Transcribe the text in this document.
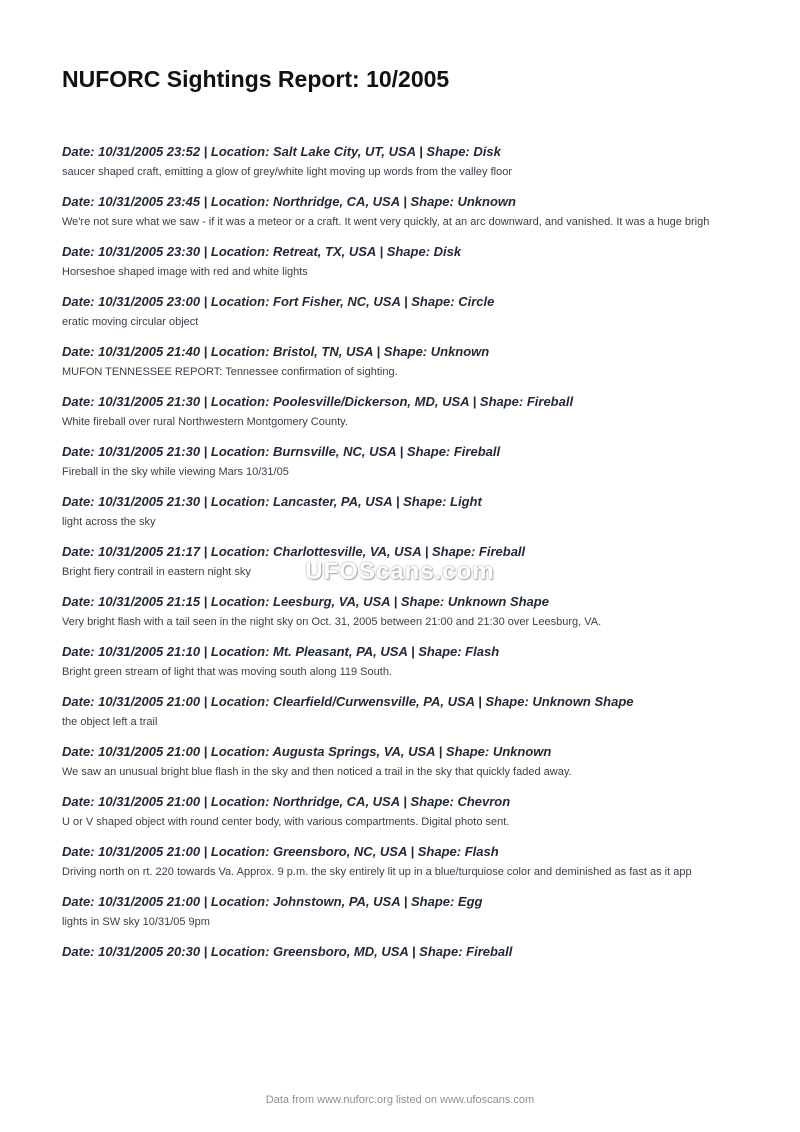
NUFORC Sightings Report: 10/2005
Date: 10/31/2005 23:52 | Location: Salt Lake City, UT, USA | Shape: Disk
saucer shaped craft, emitting a glow of grey/white light moving up words from the valley floor
Date: 10/31/2005 23:45 | Location: Northridge, CA, USA | Shape: Unknown
We're not sure what we saw - if it was a meteor or a craft. It went very quickly, at an arc downward, and vanished. It was a huge brigh
Date: 10/31/2005 23:30 | Location: Retreat, TX, USA | Shape: Disk
Horseshoe shaped image with red and white lights
Date: 10/31/2005 23:00 | Location: Fort Fisher, NC, USA | Shape: Circle
eratic moving circular object
Date: 10/31/2005 21:40 | Location: Bristol, TN, USA | Shape: Unknown
MUFON TENNESSEE REPORT: Tennessee confirmation of sighting.
Date: 10/31/2005 21:30 | Location: Poolesville/Dickerson, MD, USA | Shape: Fireball
White fireball over rural Northwestern Montgomery County.
Date: 10/31/2005 21:30 | Location: Burnsville, NC, USA | Shape: Fireball
Fireball in the sky while viewing Mars 10/31/05
Date: 10/31/2005 21:30 | Location: Lancaster, PA, USA | Shape: Light
light across the sky
Date: 10/31/2005 21:17 | Location: Charlottesville, VA, USA | Shape: Fireball
Bright fiery contrail in eastern night sky
Date: 10/31/2005 21:15 | Location: Leesburg, VA, USA | Shape: Unknown Shape
Very bright flash with a tail seen in the night sky on Oct. 31, 2005 between 21:00 and 21:30 over Leesburg, VA.
Date: 10/31/2005 21:10 | Location: Mt. Pleasant, PA, USA | Shape: Flash
Bright green stream of light that was moving south along 119 South.
Date: 10/31/2005 21:00 | Location: Clearfield/Curwensville, PA, USA | Shape: Unknown Shape
the object left a trail
Date: 10/31/2005 21:00 | Location: Augusta Springs, VA, USA | Shape: Unknown
We saw an unusual bright blue flash in the sky and then noticed a trail in the sky that quickly faded away.
Date: 10/31/2005 21:00 | Location: Northridge, CA, USA | Shape: Chevron
U or V shaped object with round center body, with various compartments. Digital photo sent.
Date: 10/31/2005 21:00 | Location: Greensboro, NC, USA | Shape: Flash
Driving north on rt. 220 towards Va. Approx. 9 p.m. the sky entirely lit up in a blue/turquiose color and deminished as fast as it app
Date: 10/31/2005 21:00 | Location: Johnstown, PA, USA | Shape: Egg
lights in SW sky 10/31/05 9pm
Date: 10/31/2005 20:30 | Location: Greensboro, MD, USA | Shape: Fireball
UFOScans.com
Data from www.nuforc.org listed on www.ufoscans.com
